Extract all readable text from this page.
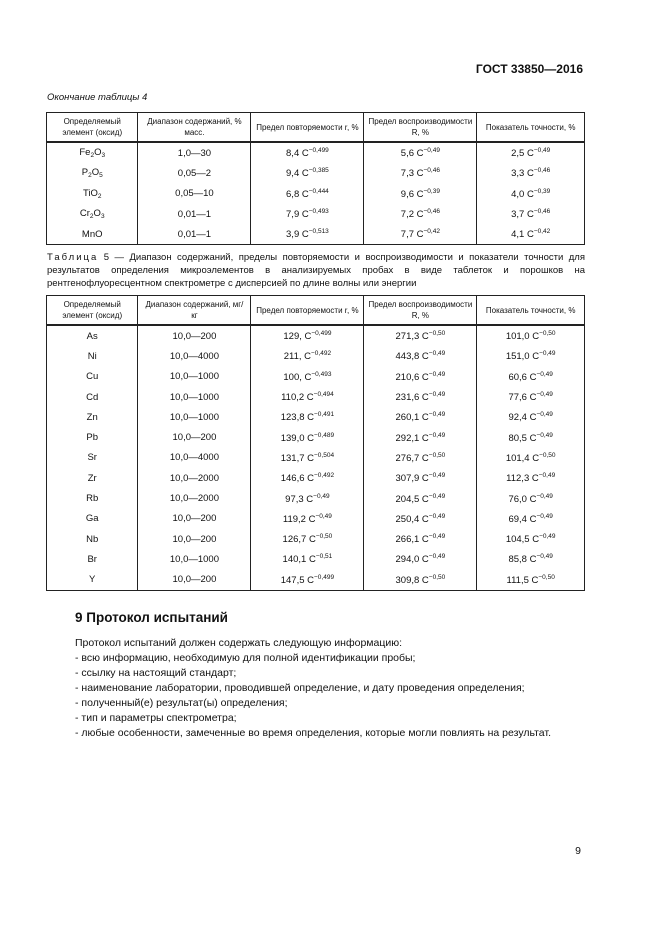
ГОСТ 33850—2016
Окончание таблицы 4
Определяемый элемент (оксид)	Диапазон содержаний, % масс.	Предел повторяемости r, %	Предел воспроизводимости R, %	Показатель точности, %
$Fe_2O_3$	1,0—30	8,4 $C^{-0,499}$	5,6 $C^{-0,49}$	2,5 $C^{-0,49}$
$P_2O_5$	0,05—2	9,4 $C^{-0,385}$	7,3 $C^{-0,46}$	3,3 $C^{-0,46}$
TiO$_2$	0,05—10	6,8 $C^{-0,444}$	9,6 $C^{-0,39}$	4,0 $C^{-0,39}$
$Cr_2O_3$	0,01—1	7,9 $C^{-0,493}$	7,2 $C^{-0,46}$	3,7 $C^{-0,46}$
MnO	0,01—1	3,9 $C^{-0,513}$	7,7 $C^{-0,42}$	4,1 $C^{-0,42}$
Таблица 5 — Диапазон содержаний, пределы повторяемости и воспроизводимости и показатели точности для результатов определения микроэлементов в анализируемых пробах в виде таблеток и порошков на рентгенофлуоресцентном спектрометре с дисперсией по длине волны или энергии
Определяемый элемент (оксид)	Диапазон содержаний, мг/кг	Предел повторяемости r, %	Предел воспроизводимости R, %	Показатель точности, %
As	10,0—200	129, $C^{-0,499}$	271,3 $C^{-0,50}$	101,0 $C^{-0,50}$
Ni	10,0—4000	211, $C^{-0,492}$	443,8 $C^{-0,49}$	151,0 $C^{-0,49}$
Cu	10,0—1000	100, $C^{-0,493}$	210,6 $C^{-0,49}$	60,6 $C^{-0,49}$
Cd	10,0—1000	110,2 $C^{-0,494}$	231,6 $C^{-0,49}$	77,6 $C^{-0,49}$
Zn	10,0—1000	123,8 $C^{-0,491}$	260,1 $C^{-0,49}$	92,4 $C^{-0,49}$
Pb	10,0—200	139,0 $C^{-0,489}$	292,1 $C^{-0,49}$	80,5 $C^{-0,49}$
Sr	10,0—4000	131,7 $C^{-0,504}$	276,7 $C^{-0,50}$	101,4 $C^{-0,50}$
Zr	10,0—2000	146,6 $C^{-0,492}$	307,9 $C^{-0,49}$	112,3 $C^{-0,49}$
Rb	10,0—2000	97,3 $C^{-0,49}$	204,5 $C^{-0,49}$	76,0 $C^{-0,49}$
Ga	10,0—200	119,2 $C^{-0,49}$	250,4 $C^{-0,49}$	69,4 $C^{-0,49}$
Nb	10,0—200	126,7 $C^{-0,50}$	266,1 $C^{-0,49}$	104,5 $C^{-0,49}$
Br	10,0—1000	140,1 $C^{-0,51}$	294,0 $C^{-0,49}$	85,8 $C^{-0,49}$
Y	10,0—200	147,5 $C^{-0,499}$	309,8 $C^{-0,50}$	111,5 $C^{-0,50}$
9 Протокол испытаний
Протокол испытаний должен содержать следующую информацию:
- всю информацию, необходимую для полной идентификации пробы;
- ссылку на настоящий стандарт;
- наименование лаборатории, проводившей определение, и дату проведения определения;
- полученный(е) результат(ы) определения;
- тип и параметры спектрометра;
- любые особенности, замеченные во время определения, которые могли повлиять на результат.
9
